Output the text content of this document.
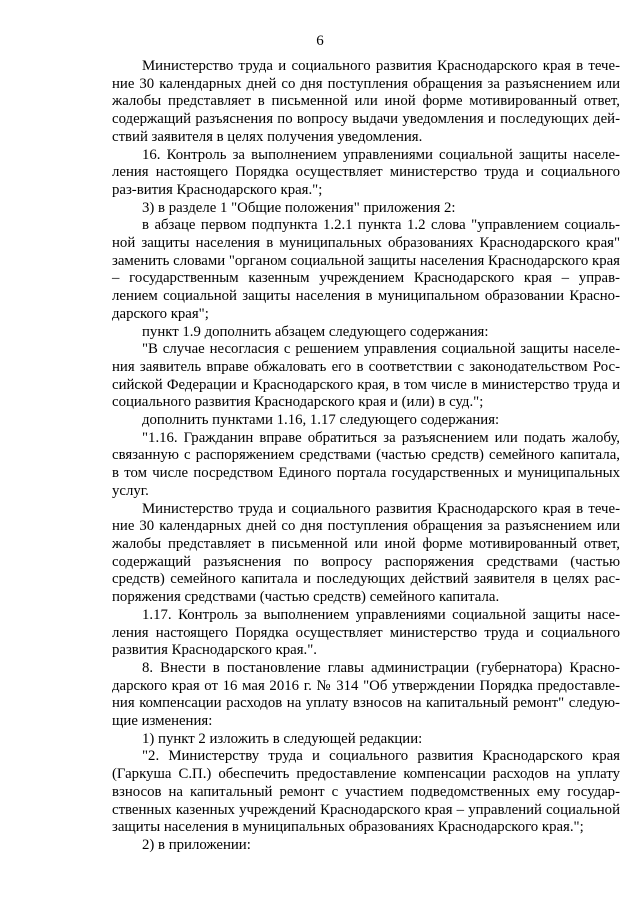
6

Министерство труда и социального развития Краснодарского края в тече-ние 30 календарных дней со дня поступления обращения за разъяснением или жалобы представляет в письменной или иной форме мотивированный ответ, содержащий разъяснения по вопросу выдачи уведомления и последующих дей-ствий заявителя в целях получения уведомления.

16. Контроль за выполнением управлениями социальной защиты населе-ления настоящего Порядка осуществляет министерство труда и социального раз-вития Краснодарского края.";

3) в разделе 1 "Общие положения" приложения 2:

в абзаце первом подпункта 1.2.1 пункта 1.2 слова "управлением социаль-ной защиты населения в муниципальных образованиях Краснодарского края" заменить словами "органом социальной защиты населения Краснодарского края – государственным казенным учреждением Краснодарского края – управ-лением социальной защиты населения в муниципальном образовании Красно-дарского края";

пункт 1.9 дополнить абзацем следующего содержания:

"В случае несогласия с решением управления социальной защиты населе-ния заявитель вправе обжаловать его в соответствии с законодательством Рос-сийской Федерации и Краснодарского края, в том числе в министерство труда и социального развития Краснодарского края и (или) в суд.";

дополнить пунктами 1.16, 1.17 следующего содержания:

"1.16. Гражданин вправе обратиться за разъяснением или подать жалобу, связанную с распоряжением средствами (частью средств) семейного капитала, в том числе посредством Единого портала государственных и муниципальных услуг.

Министерство труда и социального развития Краснодарского края в тече-ние 30 календарных дней со дня поступления обращения за разъяснением или жалобы представляет в письменной или иной форме мотивированный ответ, содержащий разъяснения по вопросу распоряжения средствами (частью средств) семейного капитала и последующих действий заявителя в целях рас-поряжения средствами (частью средств) семейного капитала.

1.17. Контроль за выполнением управлениями социальной защиты насе-ления настоящего Порядка осуществляет министерство труда и социального развития Краснодарского края.".

8. Внести в постановление главы администрации (губернатора) Красно-дарского края от 16 мая 2016 г. № 314 "Об утверждении Порядка предоставле-ния компенсации расходов на уплату взносов на капитальный ремонт" следую-щие изменения:

1) пункт 2 изложить в следующей редакции:

"2. Министерству труда и социального развития Краснодарского края (Гаркуша С.П.) обеспечить предоставление компенсации расходов на уплату взносов на капитальный ремонт с участием подведомственных ему государ-ственных казенных учреждений Краснодарского края – управлений социальной защиты населения в муниципальных образованиях Краснодарского края.";

2) в приложении:
